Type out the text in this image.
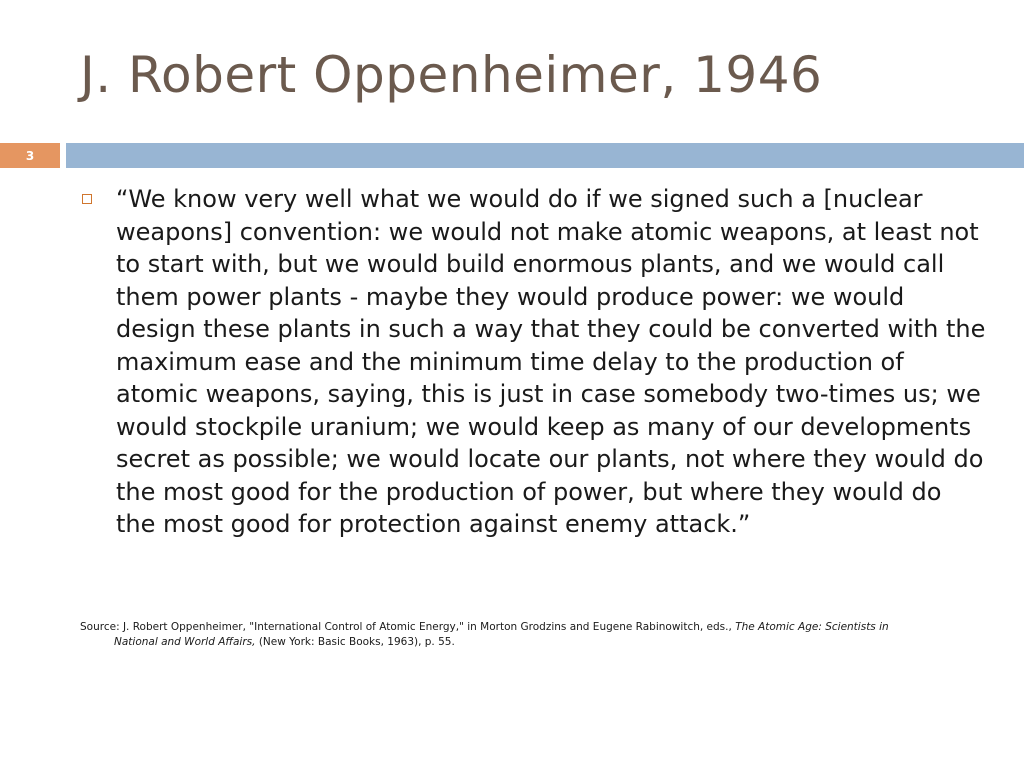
J. Robert Oppenheimer, 1946
3

“We know very well what we would do if we signed such a [nuclear weapons] convention: we would not make atomic weapons, at least not to start with, but we would build enormous plants, and we would call them power plants - maybe they would produce power: we would design these plants in such a way that they could be converted with the maximum ease and the minimum time delay to the production of atomic weapons, saying, this is just in case somebody two-times us; we would stockpile uranium; we would keep as many of our developments secret as possible; we would locate our plants, not where they would do the most good for the production of power, but where they would do the most good for protection against enemy attack.”

Source: J. Robert Oppenheimer, "International Control of Atomic Energy," in Morton Grodzins and Eugene Rabinowitch, eds., The Atomic Age: Scientists in
National and World Affairs, (New York: Basic Books, 1963), p. 55.
